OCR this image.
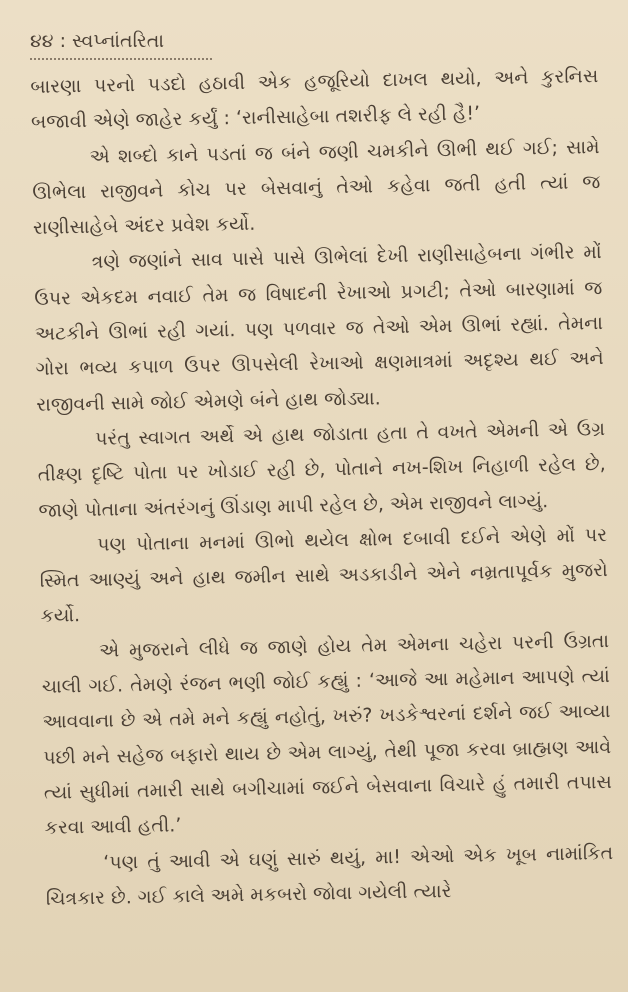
૪૪ : સ્વપ્નાંતરિતા

બારણા પરનો પડદો હઠાવી એક હજૂરિયો દાખલ થયો, અને કુરનિસ બજાવી એણે જાહેર કર્યું : ‘રાનીસાહેબા તશરીફ લે રહી હૈ!’

એ શબ્દો કાને પડતાં જ બંને જણી ચમકીને ઊભી થઈ ગઈ; સામે ઊભેલા રાજીવને કોચ પર બેસવાનું તેઓ કહેવા જતી હતી ત્યાં જ રાણીસાહેબે અંદર પ્રવેશ કર્યો.

ત્રણે જણાંને સાવ પાસે પાસે ઊભેલાં દેખી રાણીસાહેબના ગંભીર મોં ઉપર એકદમ નવાઈ તેમ જ વિષાદની રેખાઓ પ્રગટી; તેઓ બારણામાં જ અટકીને ઊભાં રહી ગયાં. પણ પળવાર જ તેઓ એમ ઊભાં રહ્યાં. તેમના ગોરા ભવ્ય કપાળ ઉપર ઊપસેલી રેખાઓ ક્ષણમાત્રમાં અદૃશ્ય થઈ અને રાજીવની સામે જોઈ એમણે બંને હાથ જોડ્યા.

પરંતુ સ્વાગત અર્થે એ હાથ જોડાતા હતા તે વખતે એમની એ ઉગ્ર તીક્ષ્ણ દૃષ્ટિ પોતા પર ખોડાઈ રહી છે, પોતાને નખ-શિખ નિહાળી રહેલ છે, જાણે પોતાના અંતરંગનું ઊંડાણ માપી રહેલ છે, એમ રાજીવને લાગ્યું.

પણ પોતાના મનમાં ઊભો થયેલ ક્ષોભ દબાવી દઈને એણે મોં પર સ્મિત આણ્યું અને હાથ જમીન સાથે અડકાડીને એને નમ્રતાપૂર્વક મુજરો કર્યો.

એ મુજરાને લીધે જ જાણે હોય તેમ એમના ચહેરા પરની ઉગ્રતા ચાલી ગઈ. તેમણે રંજન ભણી જોઈ કહ્યું : ‘આજે આ મહેમાન આપણે ત્યાં આવવાના છે એ તમે મને કહ્યું નહોતું, ખરું? ખડકેશ્વરનાં દર્શને જઈ આવ્યા પછી મને સહેજ બફારો થાય છે એમ લાગ્યું, તેથી પૂજા કરવા બ્રાહ્મણ આવે ત્યાં સુધીમાં તમારી સાથે બગીચામાં જઈને બેસવાના વિચારે હું તમારી તપાસ કરવા આવી હતી.’

‘પણ તું આવી એ ઘણું સારું થયું, મા! એઓ એક ખૂબ નામાંકિત ચિત્રકાર છે. ગઈ કાલે અમે મકબરો જોવા ગયેલી ત્યારે
